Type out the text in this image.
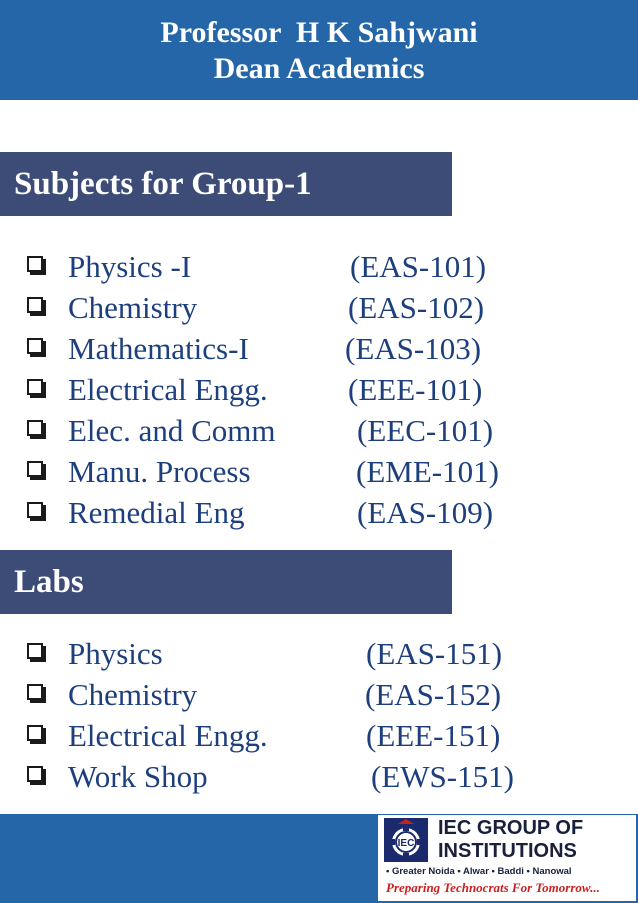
Professor  H K Sahjwani
Dean Academics
Subjects for Group-1
Physics -I	(EAS-101)
Chemistry	(EAS-102)
Mathematics-I	(EAS-103)
Electrical Engg.	(EEE-101)
Elec. and Comm	(EEC-101)
Manu. Process	(EME-101)
Remedial Eng	(EAS-109)
Labs
Physics	(EAS-151)
Chemistry	(EAS-152)
Electrical Engg.	(EEE-151)
Work Shop	(EWS-151)
IEC
IEC GROUP OF
INSTITUTIONS
• Greater Noida • Alwar • Baddi • Nanowal
Preparing Technocrats For Tomorrow...
